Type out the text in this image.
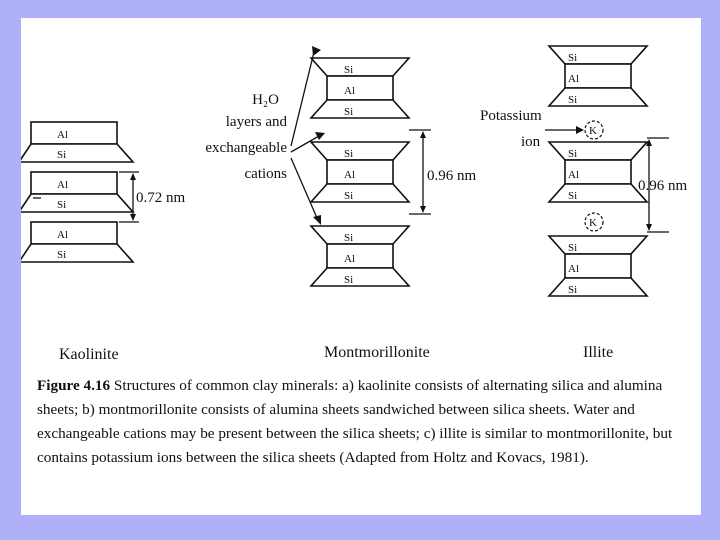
Al
Si
Al
Si
Al
Si
0.72 nm
Si
Al
Si
Si
Al
Si
Si
Al
Si
H₂O
layers and
exchangeable
cations	0.96 nm
Si
Al
Si
Si
Al
Si
Si
Al
Si
K
K
Potassium
ion
0.96 nm
Kaolinite	Montmorillonite	Illite
Figure 4.16 Structures of common clay minerals: a) kaolinite consists of alternating silica and alumina sheets; b) montmorillonite consists of alumina sheets sandwiched between silica sheets. Water and exchangeable cations may be present between the silica sheets; c) illite is similar to montmorillonite, but contains potassium ions between the silica sheets (Adapted from Holtz and Kovacs, 1981).
